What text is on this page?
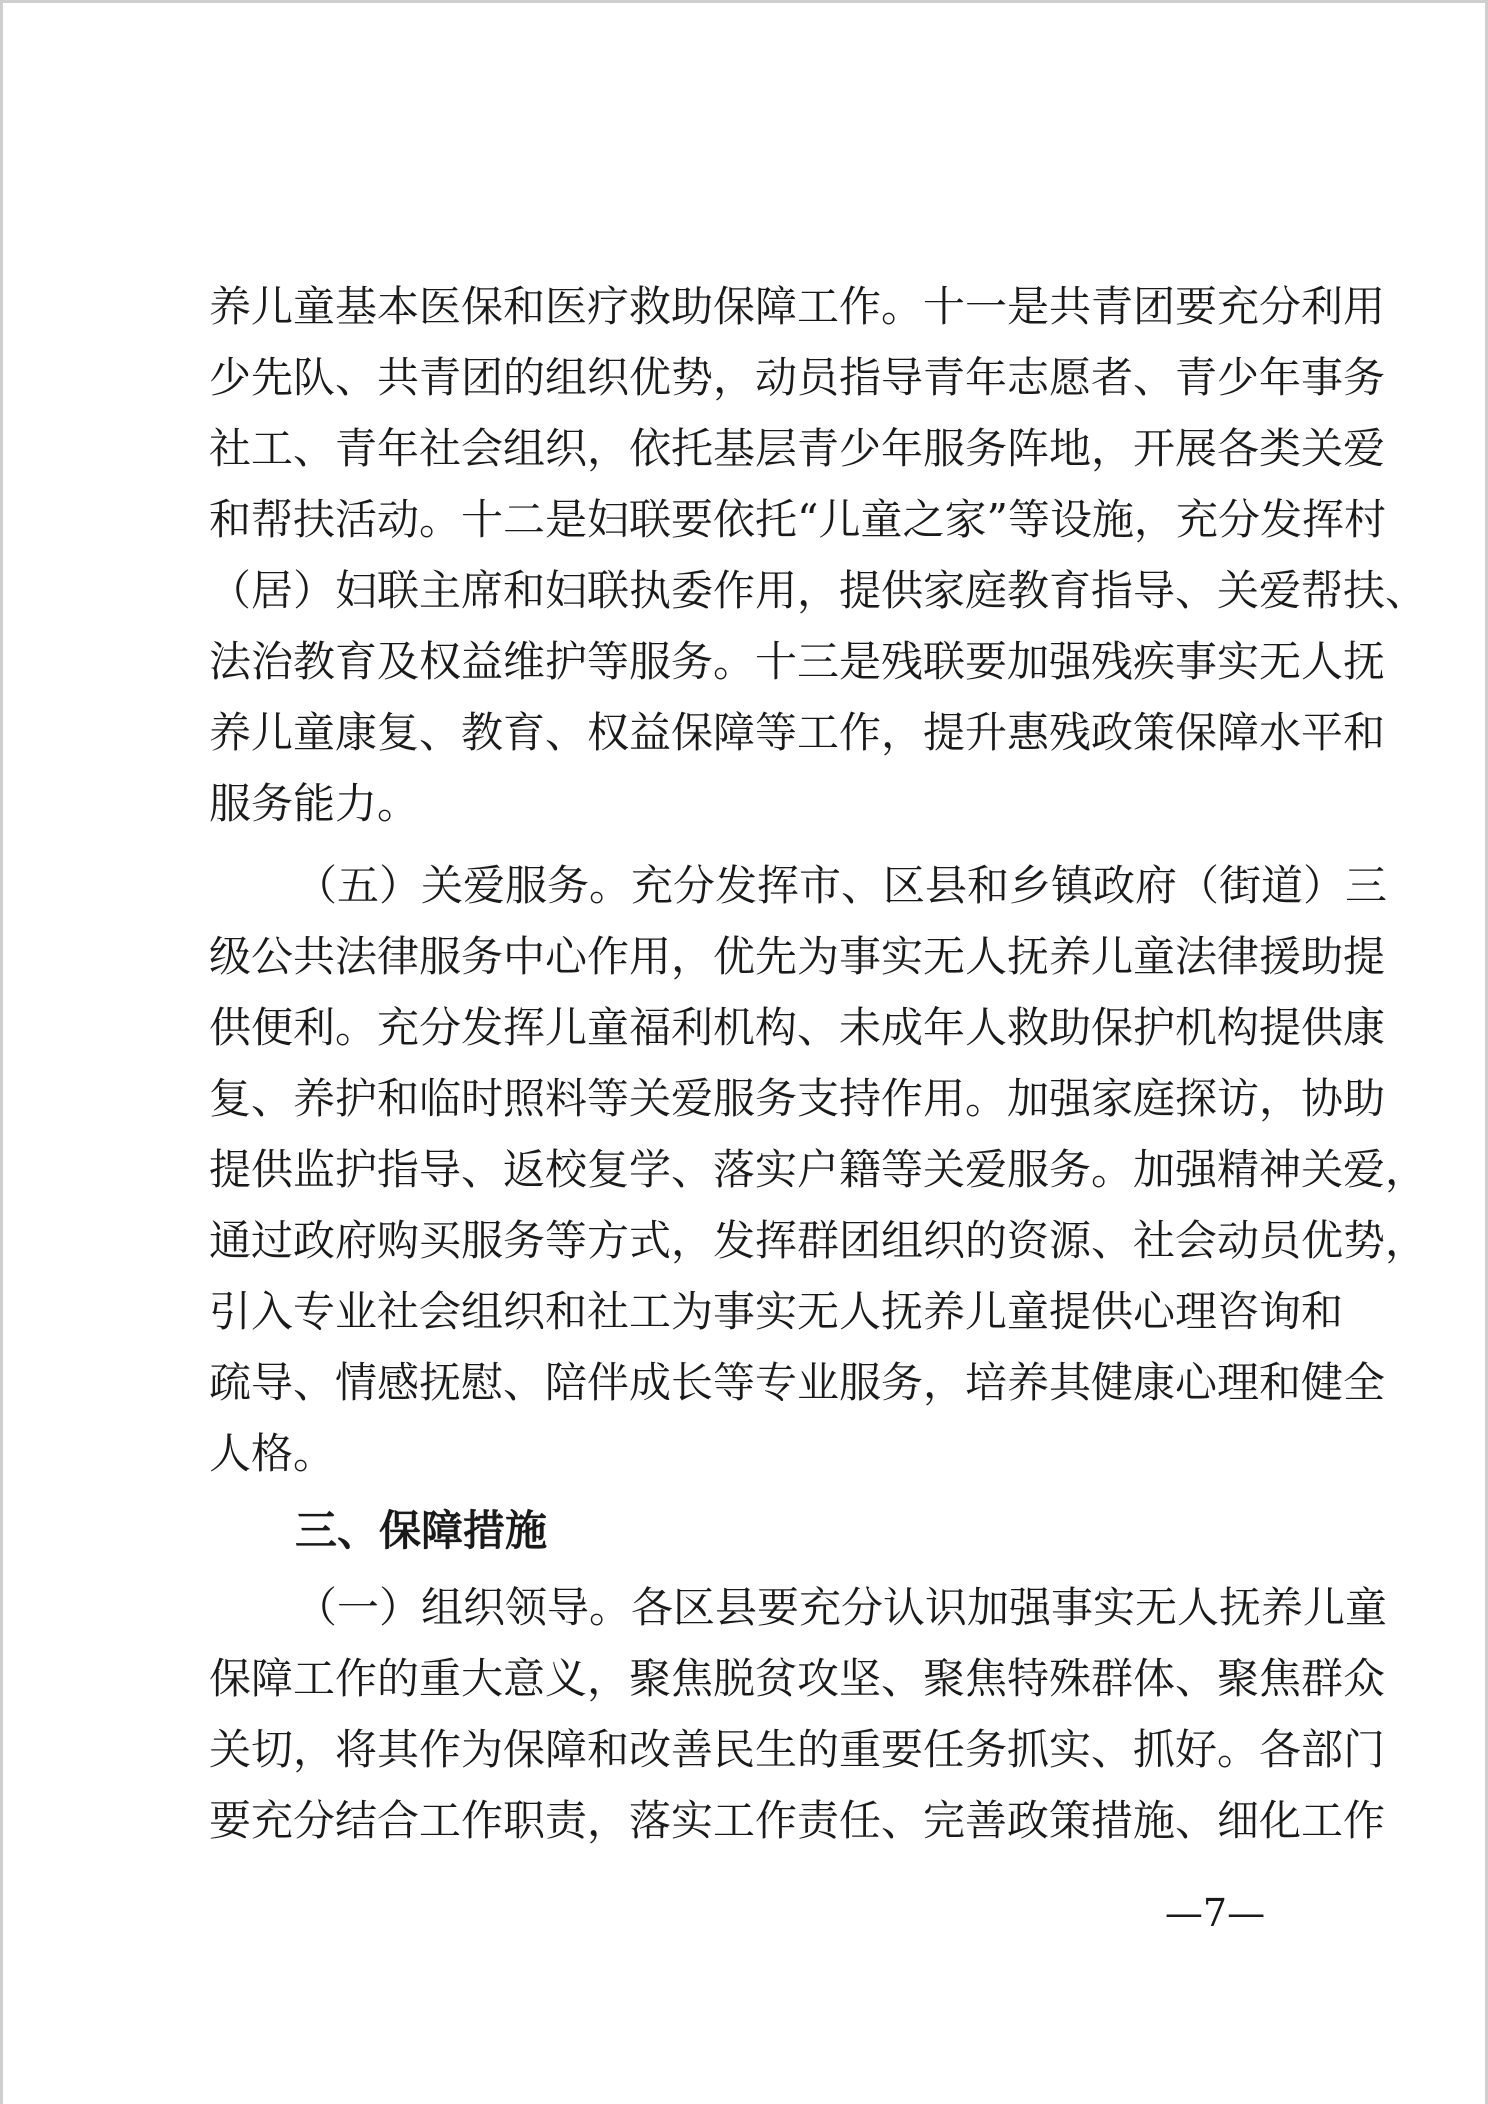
养儿童基本医保和医疗救助保障工作。十一是共青团要充分利用
少先队、共青团的组织优势，动员指导青年志愿者、青少年事务
社工、青年社会组织，依托基层青少年服务阵地，开展各类关爱
和帮扶活动。十二是妇联要依托“儿童之家”等设施，充分发挥村
（居）妇联主席和妇联执委作用，提供家庭教育指导、关爱帮扶、
法治教育及权益维护等服务。十三是残联要加强残疾事实无人抚
养儿童康复、教育、权益保障等工作，提升惠残政策保障水平和
服务能力。
（五）关爱服务。充分发挥市、区县和乡镇政府（街道）三
级公共法律服务中心作用，优先为事实无人抚养儿童法律援助提
供便利。充分发挥儿童福利机构、未成年人救助保护机构提供康
复、养护和临时照料等关爱服务支持作用。加强家庭探访，协助
提供监护指导、返校复学、落实户籍等关爱服务。加强精神关爱，
通过政府购买服务等方式，发挥群团组织的资源、社会动员优势，
引入专业社会组织和社工为事实无人抚养儿童提供心理咨询和
疏导、情感抚慰、陪伴成长等专业服务，培养其健康心理和健全
人格。
三、保障措施
（一）组织领导。各区县要充分认识加强事实无人抚养儿童
保障工作的重大意义，聚焦脱贫攻坚、聚焦特殊群体、聚焦群众
关切，将其作为保障和改善民生的重要任务抓实、抓好。各部门
要充分结合工作职责，落实工作责任、完善政策措施、细化工作
—7—
